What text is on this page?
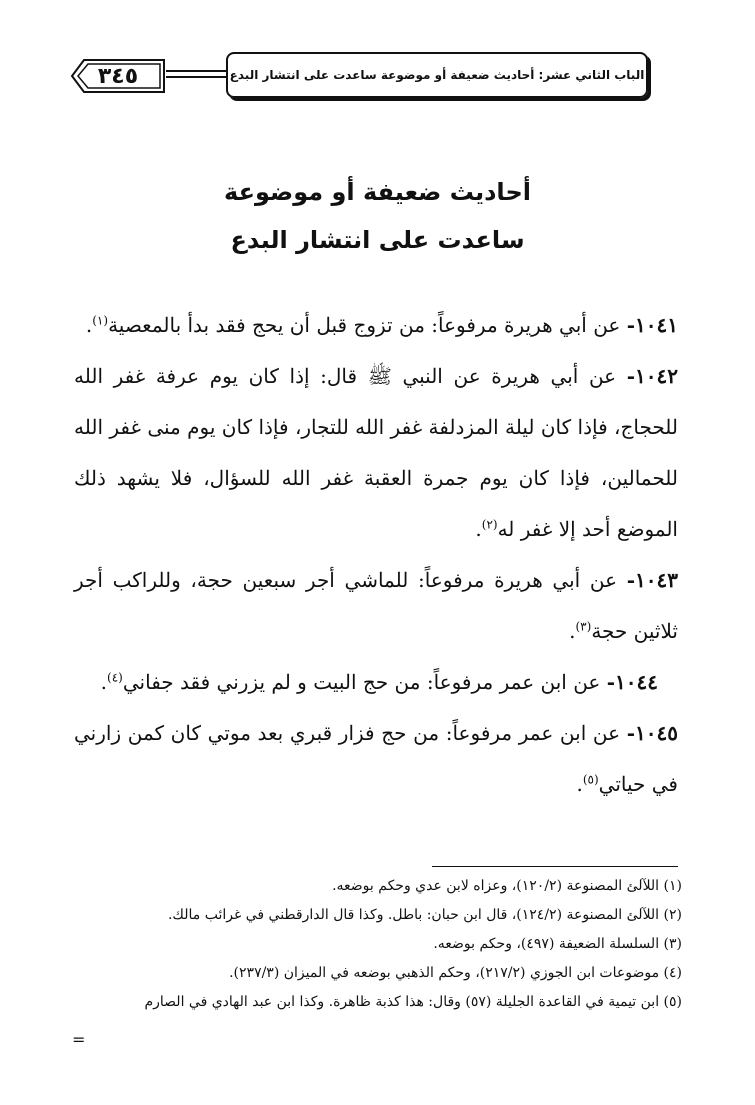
٣٤٥	الباب الثاني عشر: أحاديث ضعيفة أو موضوعة ساعدت على انتشار البدع
أحاديث ضعيفة أو موضوعة
ساعدت على انتشار البدع

١٠٤١- عن أبي هريرة مرفوعاً: من تزوج قبل أن يحج فقد بدأ بالمعصية$^{(١)}$.

١٠٤٢- عن أبي هريرة عن النبي ﷺ قال: إذا كان يوم عرفة غفر الله للحجاج، فإذا كان ليلة المزدلفة غفر الله للتجار، فإذا كان يوم منى غفر الله للحمالين، فإذا كان يوم جمرة العقبة غفر الله للسؤال، فلا يشهد ذلك الموضع أحد إلا غفر له$^{(٢)}$.

١٠٤٣- عن أبي هريرة مرفوعاً: للماشي أجر سبعين حجة، وللراكب أجر ثلاثين حجة$^{(٣)}$.

١٠٤٤- عن ابن عمر مرفوعاً: من حج البيت و لم يزرني فقد جفاني$^{(٤)}$.

١٠٤٥- عن ابن عمر مرفوعاً: من حج فزار قبري بعد موتي كان كمن زارني في حياتي$^{(٥)}$.

(١) اللآلئ المصنوعة (١٢٠/٢)، وعزاه لابن عدي وحكم بوضعه.

(٢) اللآلئ المصنوعة (١٢٤/٢)، قال ابن حبان: باطل. وكذا قال الدارقطني في غرائب مالك.

(٣) السلسلة الضعيفة (٤٩٧)، وحكم بوضعه.

(٤) موضوعات ابن الجوزي (٢١٧/٢)، وحكم الذهبي بوضعه في الميزان (٢٣٧/٣).

(٥) ابن تيمية في القاعدة الجليلة (٥٧) وقال: هذا كذبة ظاهرة. وكذا ابن عبد الهادي في الصارم

=
